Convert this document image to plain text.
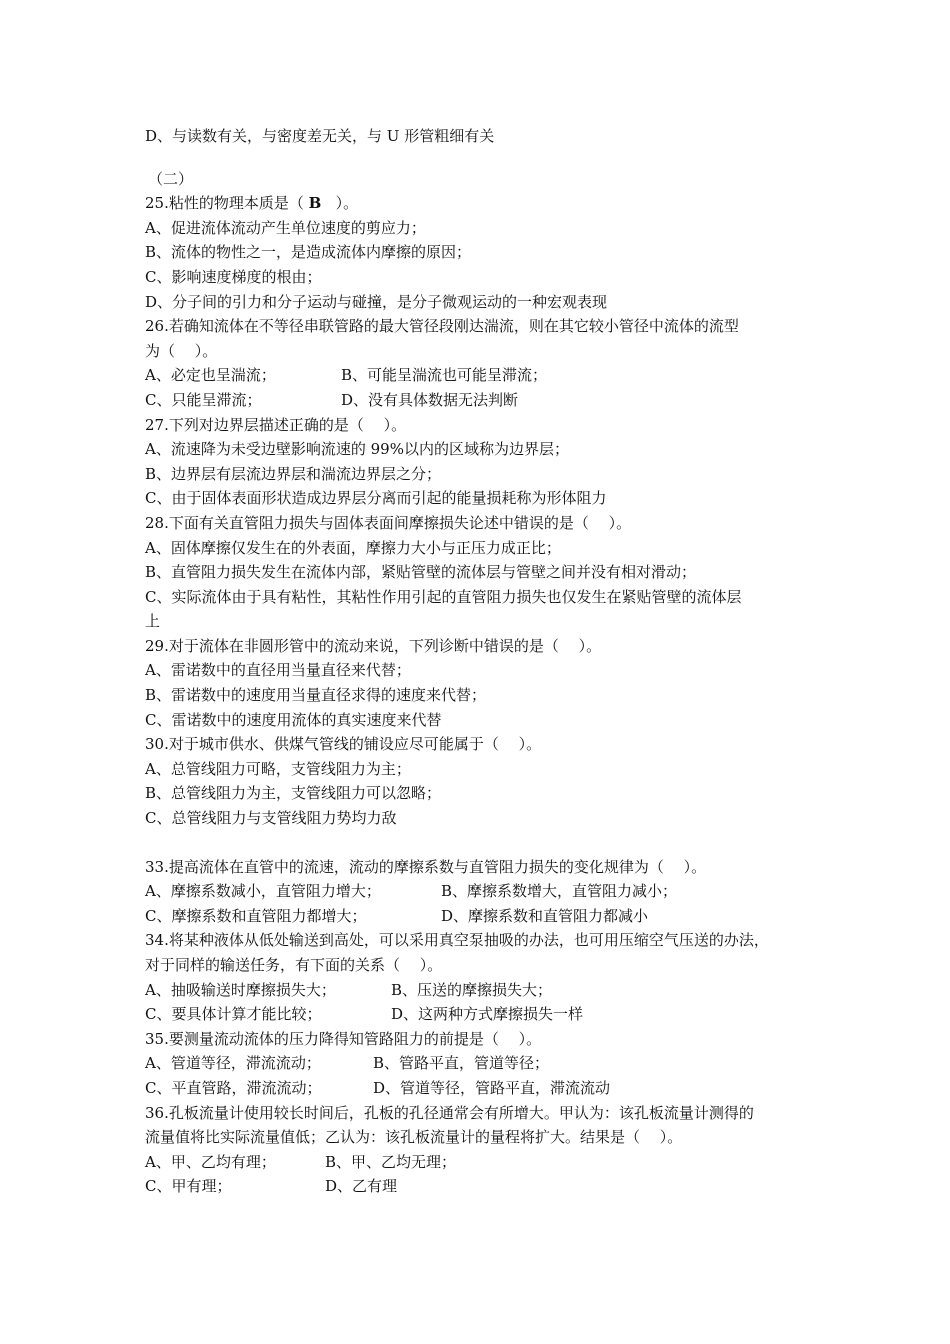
D、与读数有关，与密度差无关，与 U 形管粗细有关
（二）
25.粘性的物理本质是（ B ）。
A、促进流体流动产生单位速度的剪应力；
B、流体的物性之一，是造成流体内摩擦的原因；
C、影响速度梯度的根由；
D、分子间的引力和分子运动与碰撞，是分子微观运动的一种宏观表现
26.若确知流体在不等径串联管路的最大管径段刚达湍流，则在其它较小管径中流体的流型
为（　 ）。
A、必定也呈湍流；	B、可能呈湍流也可能呈滞流；
C、只能呈滞流；	D、没有具体数据无法判断
27.下列对边界层描述正确的是（　 ）。
A、流速降为未受边壁影响流速的 99%以内的区域称为边界层；
B、边界层有层流边界层和湍流边界层之分；
C、由于固体表面形状造成边界层分离而引起的能量损耗称为形体阻力
28.下面有关直管阻力损失与固体表面间摩擦损失论述中错误的是（　 ）。
A、固体摩擦仅发生在的外表面，摩擦力大小与正压力成正比；
B、直管阻力损失发生在流体内部，紧贴管壁的流体层与管壁之间并没有相对滑动；
C、实际流体由于具有粘性，其粘性作用引起的直管阻力损失也仅发生在紧贴管壁的流体层
上
29.对于流体在非圆形管中的流动来说，下列诊断中错误的是（　 ）。
A、雷诺数中的直径用当量直径来代替；
B、雷诺数中的速度用当量直径求得的速度来代替；
C、雷诺数中的速度用流体的真实速度来代替
30.对于城市供水、供煤气管线的铺设应尽可能属于（　 ）。
A、总管线阻力可略，支管线阻力为主；
B、总管线阻力为主，支管线阻力可以忽略；
C、总管线阻力与支管线阻力势均力敌
33.提高流体在直管中的流速，流动的摩擦系数与直管阻力损失的变化规律为（　 ）。
A、摩擦系数减小，直管阻力增大；	B、摩擦系数增大，直管阻力减小；
C、摩擦系数和直管阻力都增大；	D、摩擦系数和直管阻力都减小
34.将某种液体从低处输送到高处，可以采用真空泵抽吸的办法，也可用压缩空气压送的办法，
对于同样的输送任务，有下面的关系（　 ）。
A、抽吸输送时摩擦损失大；	B、压送的摩擦损失大；
C、要具体计算才能比较；	D、这两种方式摩擦损失一样
35.要测量流动流体的压力降得知管路阻力的前提是（　 ）。
A、管道等径，滞流流动；	B、管路平直，管道等径；
C、平直管路，滞流流动；	D、管道等径，管路平直，滞流流动
36.孔板流量计使用较长时间后，孔板的孔径通常会有所增大。甲认为：该孔板流量计测得的
流量值将比实际流量值低；乙认为：该孔板流量计的量程将扩大。结果是（　 ）。
A、甲、乙均有理；	B、甲、乙均无理；
C、甲有理；	D、乙有理
